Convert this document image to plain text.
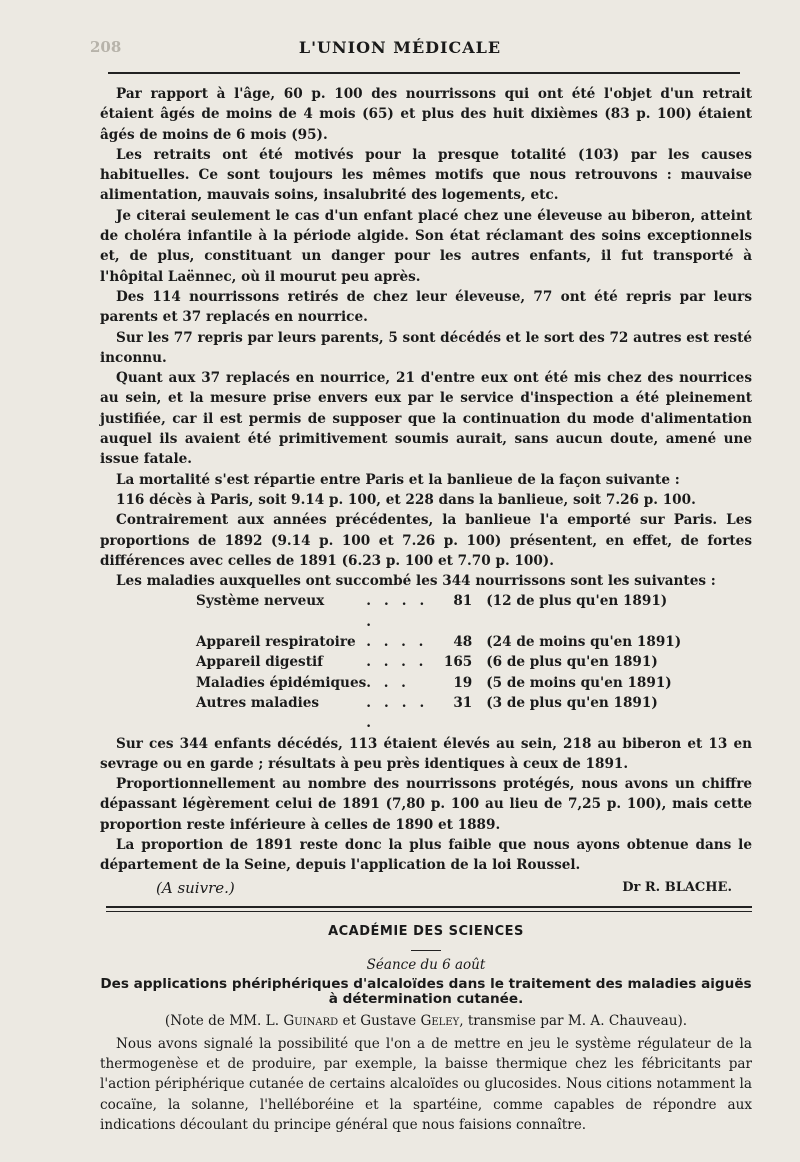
208	L'UNION MÉDICALE

Par rapport à l'âge, 60 p. 100 des nourrissons qui ont été l'objet d'un retrait étaient âgés de moins de 4 mois (65) et plus des huit dixièmes (83 p. 100) étaient âgés de moins de 6 mois (95).

Les retraits ont été motivés pour la presque totalité (103) par les causes habituelles. Ce sont toujours les mêmes motifs que nous retrouvons : mauvaise alimentation, mauvais soins, insalubrité des logements, etc.

Je citerai seulement le cas d'un enfant placé chez une éleveuse au biberon, atteint de choléra infantile à la période algide. Son état réclamant des soins exceptionnels et, de plus, constituant un danger pour les autres enfants, il fut transporté à l'hôpital Laënnec, où il mourut peu après.

Des 114 nourrissons retirés de chez leur éleveuse, 77 ont été repris par leurs parents et 37 replacés en nourrice.

Sur les 77 repris par leurs parents, 5 sont décédés et le sort des 72 autres est resté inconnu.

Quant aux 37 replacés en nourrice, 21 d'entre eux ont été mis chez des nourrices au sein, et la mesure prise envers eux par le service d'inspection a été pleinement justifiée, car il est permis de supposer que la continuation du mode d'alimentation auquel ils avaient été primitivement soumis aurait, sans aucun doute, amené une issue fatale.

La mortalité s'est répartie entre Paris et la banlieue de la façon suivante :

116 décès à Paris, soit 9.14 p. 100, et 228 dans la banlieue, soit 7.26 p. 100.

Contrairement aux années précédentes, la banlieue l'a emporté sur Paris. Les proportions de 1892 (9.14 p. 100 et 7.26 p. 100) présentent, en effet, de fortes différences avec celles de 1891 (6.23 p. 100 et 7.70 p. 100).

Les maladies auxquelles ont succombé les 344 nourrissons sont les suivantes :

Système nerveux	. . . . .	81	(12 de plus qu'en 1891)
Appareil respiratoire	. . . .	48	(24 de moins qu'en 1891)
Appareil digestif	. . . .	165	(6 de plus qu'en 1891)
Maladies épidémiques	. . .	19	(5 de moins qu'en 1891)
Autres maladies	. . . . .	31	(3 de plus qu'en 1891)

Sur ces 344 enfants décédés, 113 étaient élevés au sein, 218 au biberon et 13 en sevrage ou en garde ; résultats à peu près identiques à ceux de 1891.

Proportionnellement au nombre des nourrissons protégés, nous avons un chiffre dépassant légèrement celui de 1891 (7,80 p. 100 au lieu de 7,25 p. 100), mais cette proportion reste inférieure à celles de 1890 et 1889.

La proportion de 1891 reste donc la plus faible que nous ayons obtenue dans le département de la Seine, depuis l'application de la loi Roussel.

(A suivre.)	Dr R. BLACHE.
ACADÉMIE DES SCIENCES
Séance du 6 août
Des applications phériphériques d'alcaloïdes dans le traitement des maladies aiguës à détermination cutanée.
(Note de MM. L. Guinard et Gustave Geley, transmise par M. A. Chauveau).

Nous avons signalé la possibilité que l'on a de mettre en jeu le système régulateur de la thermogenèse et de produire, par exemple, la baisse thermique chez les fébricitants par l'action périphérique cutanée de certains alcaloïdes ou glucosides. Nous citions notamment la cocaïne, la solanne, l'helléboréine et la spartéine, comme capables de répondre aux indications découlant du principe général que nous faisions connaître.
